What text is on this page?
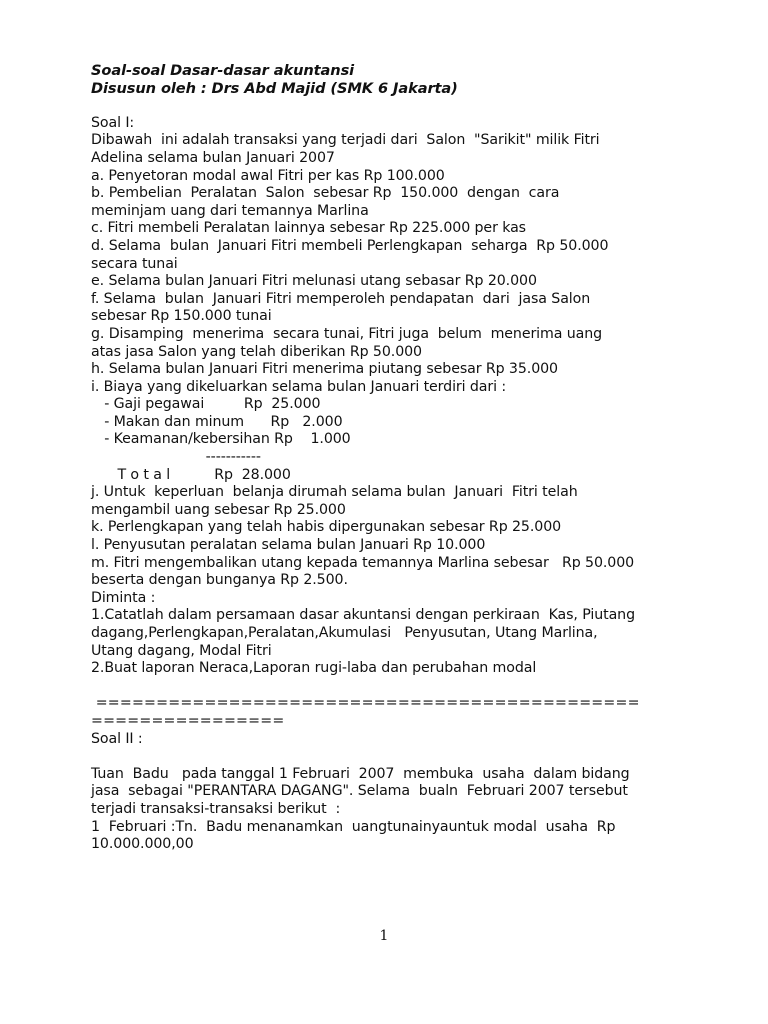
Soal-soal Dasar-dasar akuntansi
Disusun oleh : Drs Abd Majid (SMK 6 Jakarta)
Soal I:
Dibawah  ini adalah transaksi yang terjadi dari  Salon  "Sarikit" milik Fitri
Adelina selama bulan Januari 2007
a. Penyetoran modal awal Fitri per kas Rp 100.000
b. Pembelian  Peralatan  Salon  sebesar Rp  150.000  dengan  cara
meminjam uang dari temannya Marlina
c. Fitri membeli Peralatan lainnya sebesar Rp 225.000 per kas
d. Selama  bulan  Januari Fitri membeli Perlengkapan  seharga  Rp 50.000
secara tunai
e. Selama bulan Januari Fitri melunasi utang sebasar Rp 20.000
f. Selama  bulan  Januari Fitri memperoleh pendapatan  dari  jasa Salon
sebesar Rp 150.000 tunai
g. Disamping  menerima  secara tunai, Fitri juga  belum  menerima uang
atas jasa Salon yang telah diberikan Rp 50.000
h. Selama bulan Januari Fitri menerima piutang sebesar Rp 35.000
i. Biaya yang dikeluarkan selama bulan Januari terdiri dari :
- Gaji pegawai         Rp  25.000
- Makan dan minum      Rp   2.000
- Keamanan/kebersihan Rp    1.000
-----------
T o t a l          Rp  28.000
j. Untuk  keperluan  belanja dirumah selama bulan  Januari  Fitri telah
mengambil uang sebesar Rp 25.000
k. Perlengkapan yang telah habis dipergunakan sebesar Rp 25.000
l. Penyusutan peralatan selama bulan Januari Rp 10.000
m. Fitri mengembalikan utang kepada temannya Marlina sebesar   Rp 50.000
beserta dengan bunganya Rp 2.500.
Diminta :
1.Catatlah dalam persamaan dasar akuntansi dengan perkiraan  Kas, Piutang
dagang,Perlengkapan,Peralatan,Akumulasi   Penyusutan, Utang Marlina,
Utang dagang, Modal Fitri
2.Buat laporan Neraca,Laporan rugi-laba dan perubahan modal
=============================================
================
Soal II :
Tuan  Badu   pada tanggal 1 Februari  2007  membuka  usaha  dalam bidang
jasa  sebagai "PERANTARA DAGANG". Selama  bualn  Februari 2007 tersebut
terjadi transaksi-transaksi berikut  :
1  Februari :Tn.  Badu menanamkan  uangtunainyauntuk modal  usaha  Rp
10.000.000,00
1
